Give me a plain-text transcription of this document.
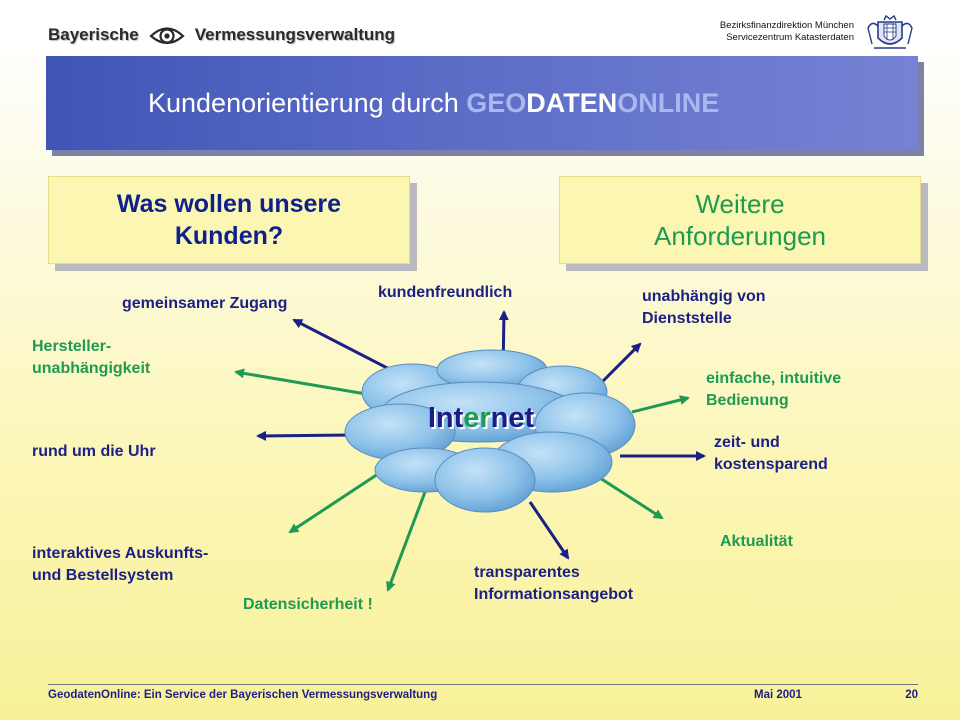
Bayerische	Vermessungsverwaltung	Bezirksfinanzdirektion München
Servicezentrum Katasterdaten
Kundenorientierung durch GEODATENONLINE
Was wollen unsere
Kunden?
Weitere
Anforderungen
Internet
gemeinsamer Zugang
Hersteller-
unabhängigkeit
rund um die Uhr
interaktives Auskunfts-
und Bestellsystem
Datensicherheit !
kundenfreundlich	unabhängig von
Dienststelle
einfache, intuitive
Bedienung
zeit- und
kostensparend
Aktualität
transparentes
Informationsangebot
GeodatenOnline: Ein Service der Bayerischen Vermessungsverwaltung	Mai 2001	20
